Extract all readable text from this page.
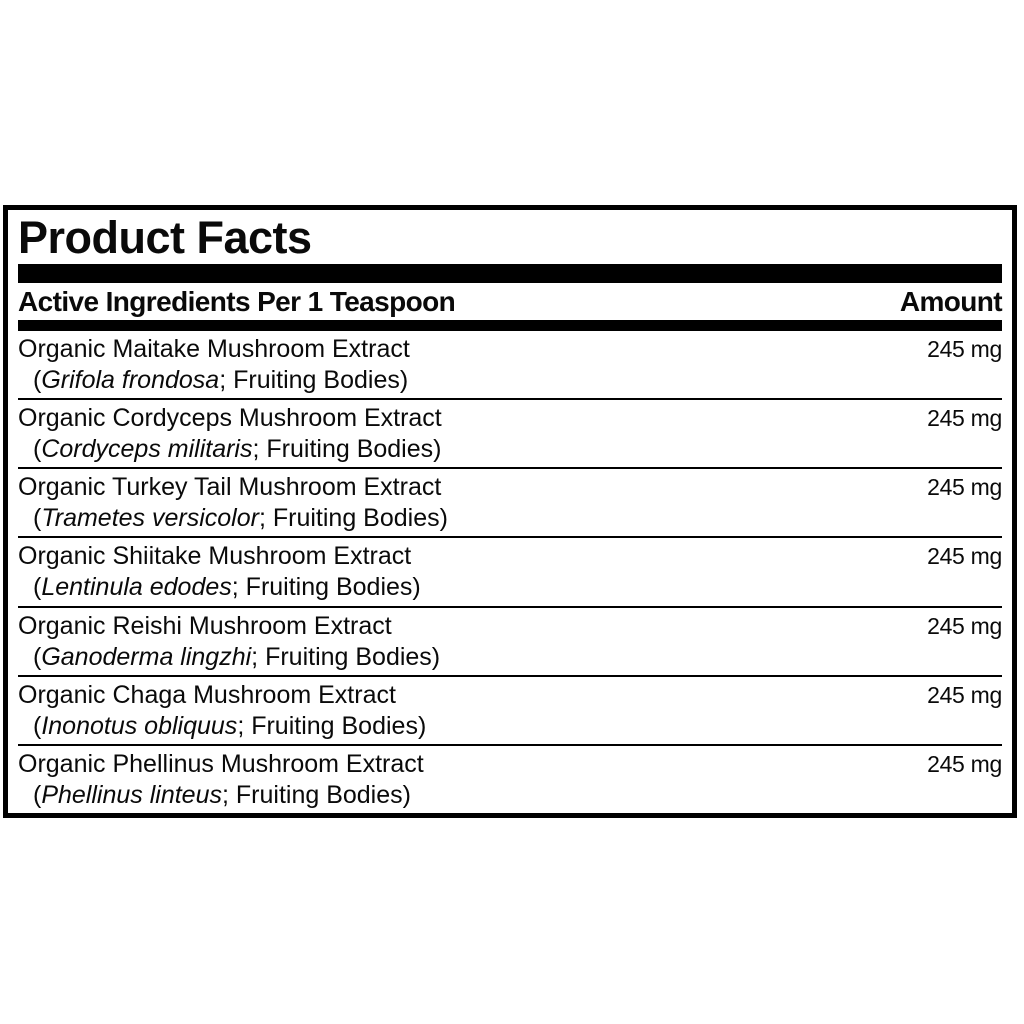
Product Facts
Active Ingredients Per 1 Teaspoon	Amount
Organic Maitake Mushroom Extract	245 mg
(Grifola frondosa; Fruiting Bodies)
Organic Cordyceps Mushroom Extract	245 mg
(Cordyceps militaris; Fruiting Bodies)
Organic Turkey Tail Mushroom Extract	245 mg
(Trametes versicolor; Fruiting Bodies)
Organic Shiitake Mushroom Extract	245 mg
(Lentinula edodes; Fruiting Bodies)
Organic Reishi Mushroom Extract	245 mg
(Ganoderma lingzhi; Fruiting Bodies)
Organic Chaga Mushroom Extract	245 mg
(Inonotus obliquus; Fruiting Bodies)
Organic Phellinus Mushroom Extract	245 mg
(Phellinus linteus; Fruiting Bodies)
